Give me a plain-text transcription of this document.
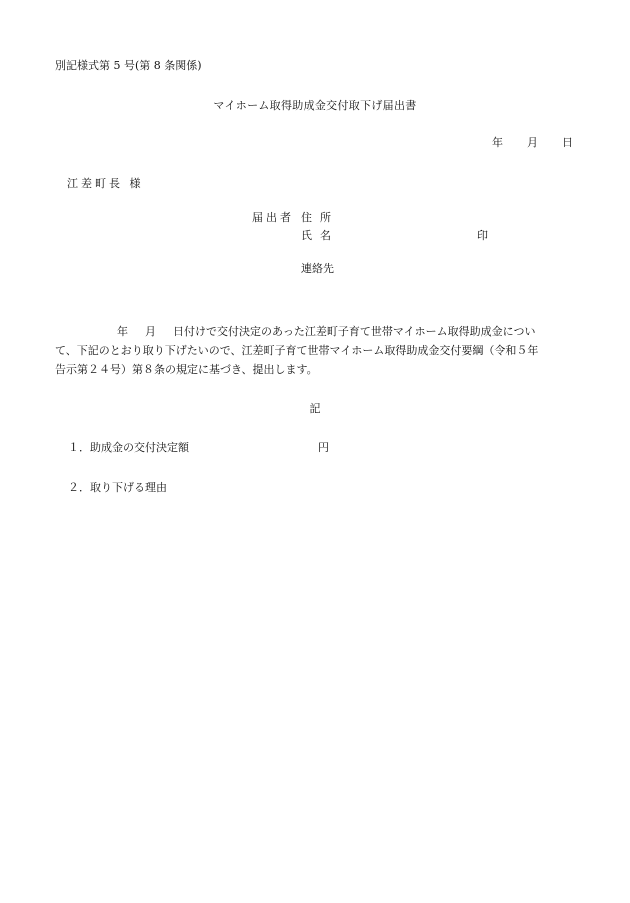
別記様式第 5 号(第 8 条関係)
マイホーム取得助成金交付取下げ届出書
年 月 日
江差町長 様
届出者 住所
氏名	印
連絡先
年 月 日付けで交付決定のあった江差町子育て世帯マイホーム取得助成金につい
て、下記のとおり取り下げたいので、江差町子育て世帯マイホーム取得助成金交付要綱（令和５年
告示第２４号）第８条の規定に基づき、提出します。
記
１．助成金の交付決定額	円
２．取り下げる理由
